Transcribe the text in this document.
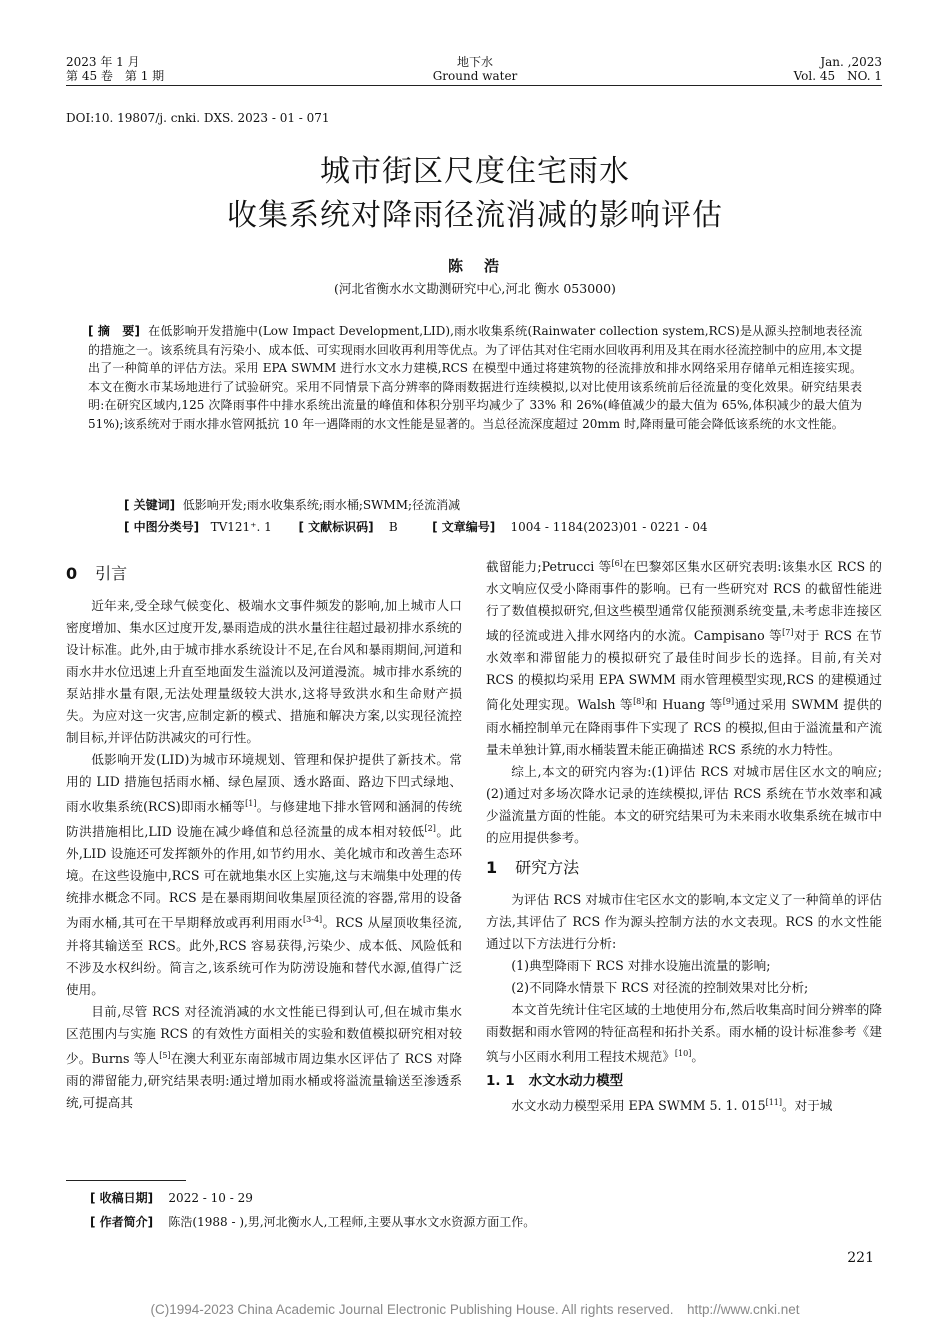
2023 年 1 月
第 45 卷　第 1 期
地下水
Ground water
Jan. ,2023
Vol. 45　NO. 1
DOI:10. 19807/j. cnki. DXS. 2023 - 01 - 071
城市街区尺度住宅雨水
收集系统对降雨径流消减的影响评估
陈　浩
(河北省衡水水文勘测研究中心,河北 衡水 053000)
[ 摘　要] 在低影响开发措施中(Low Impact Development,LID),雨水收集系统(Rainwater collection system,RCS)是从源头控制地表径流的措施之一。该系统具有污染小、成本低、可实现雨水回收再利用等优点。为了评估其对住宅雨水回收再利用及其在雨水径流控制中的应用,本文提出了一种简单的评估方法。采用 EPA SWMM 进行水文水力建模,RCS 在模型中通过将建筑物的径流排放和排水网络采用存储单元相连接实现。本文在衡水市某场地进行了试验研究。采用不同情景下高分辨率的降雨数据进行连续模拟,以对比使用该系统前后径流量的变化效果。研究结果表明:在研究区域内,125 次降雨事件中排水系统出流量的峰值和体积分别平均减少了 33% 和 26%(峰值减少的最大值为 65%,体积减少的最大值为 51%);该系统对于雨水排水管网抵抗 10 年一遇降雨的水文性能是显著的。当总径流深度超过 20mm 时,降雨量可能会降低该系统的水文性能。
[ 关键词] 低影响开发;雨水收集系统;雨水桶;SWMM;径流消减
[ 中图分类号] TV121⁺. 1 [ 文献标识码] B	[ 文章编号] 1004 - 1184(2023)01 - 0221 - 04
0 引言

近年来,受全球气候变化、极端水文事件频发的影响,加上城市人口密度增加、集水区过度开发,暴雨造成的洪水量往往超过最初排水系统的设计标准。此外,由于城市排水系统设计不足,在台风和暴雨期间,河道和雨水井水位迅速上升直至地面发生溢流以及河道漫流。城市排水系统的泵站排水量有限,无法处理量级较大洪水,这将导致洪水和生命财产损失。为应对这一灾害,应制定新的模式、措施和解决方案,以实现径流控制目标,并评估防洪减灾的可行性。

低影响开发(LID)为城市环境规划、管理和保护提供了新技术。常用的 LID 措施包括雨水桶、绿色屋顶、透水路面、路边下凹式绿地、雨水收集系统(RCS)即雨水桶等[1]。与修建地下排水管网和涵洞的传统防洪措施相比,LID 设施在减少峰值和总径流量的成本相对较低[2]。此外,LID 设施还可发挥额外的作用,如节约用水、美化城市和改善生态环境。在这些设施中,RCS 可在就地集水区上实施,这与末端集中处理的传统排水概念不同。RCS 是在暴雨期间收集屋顶径流的容器,常用的设备为雨水桶,其可在干旱期释放或再利用雨水[3-4]。RCS 从屋顶收集径流,并将其输送至 RCS。此外,RCS 容易获得,污染少、成本低、风险低和不涉及水权纠纷。简言之,该系统可作为防涝设施和替代水源,值得广泛使用。

目前,尽管 RCS 对径流消减的水文性能已得到认可,但在城市集水区范围内与实施 RCS 的有效性方面相关的实验和数值模拟研究相对较少。Burns 等人[5]在澳大利亚东南部城市周边集水区评估了 RCS 对降雨的滞留能力,研究结果表明:通过增加雨水桶或将溢流量输送至渗透系统,可提高其

截留能力;Petrucci 等[6]在巴黎郊区集水区研究表明:该集水区 RCS 的水文响应仅受小降雨事件的影响。已有一些研究对 RCS 的截留性能进行了数值模拟研究,但这些模型通常仅能预测系统变量,未考虑非连接区域的径流或进入排水网络内的水流。Campisano 等[7]对于 RCS 在节水效率和滞留能力的模拟研究了最佳时间步长的选择。目前,有关对 RCS 的模拟均采用 EPA SWMM 雨水管理模型实现,RCS 的建模通过简化处理实现。Walsh 等[8]和 Huang 等[9]通过采用 SWMM 提供的雨水桶控制单元在降雨事件下实现了 RCS 的模拟,但由于溢流量和产流量未单独计算,雨水桶装置未能正确描述 RCS 系统的水力特性。

综上,本文的研究内容为:(1)评估 RCS 对城市居住区水文的响应;(2)通过对多场次降水记录的连续模拟,评估 RCS 系统在节水效率和减少溢流量方面的性能。本文的研究结果可为未来雨水收集系统在城市中的应用提供参考。

1 研究方法

为评估 RCS 对城市住宅区水文的影响,本文定义了一种简单的评估方法,其评估了 RCS 作为源头控制方法的水文表现。RCS 的水文性能通过以下方法进行分析:

(1)典型降雨下 RCS 对排水设施出流量的影响;

(2)不同降水情景下 RCS 对径流的控制效果对比分析;

本文首先统计住宅区域的土地使用分布,然后收集高时间分辨率的降雨数据和雨水管网的特征高程和拓扑关系。雨水桶的设计标准参考《建筑与小区雨水利用工程技术规范》[10]。

1. 1 水文水动力模型

水文水动力模型采用 EPA SWMM 5. 1. 015[11]。对于城

[ 收稿日期] 2022 - 10 - 29
[ 作者简介] 陈浩(1988 - ),男,河北衡水人,工程师,主要从事水文水资源方面工作。
221
(C)1994-2023 China Academic Journal Electronic Publishing House. All rights reserved.　http://www.cnki.net
